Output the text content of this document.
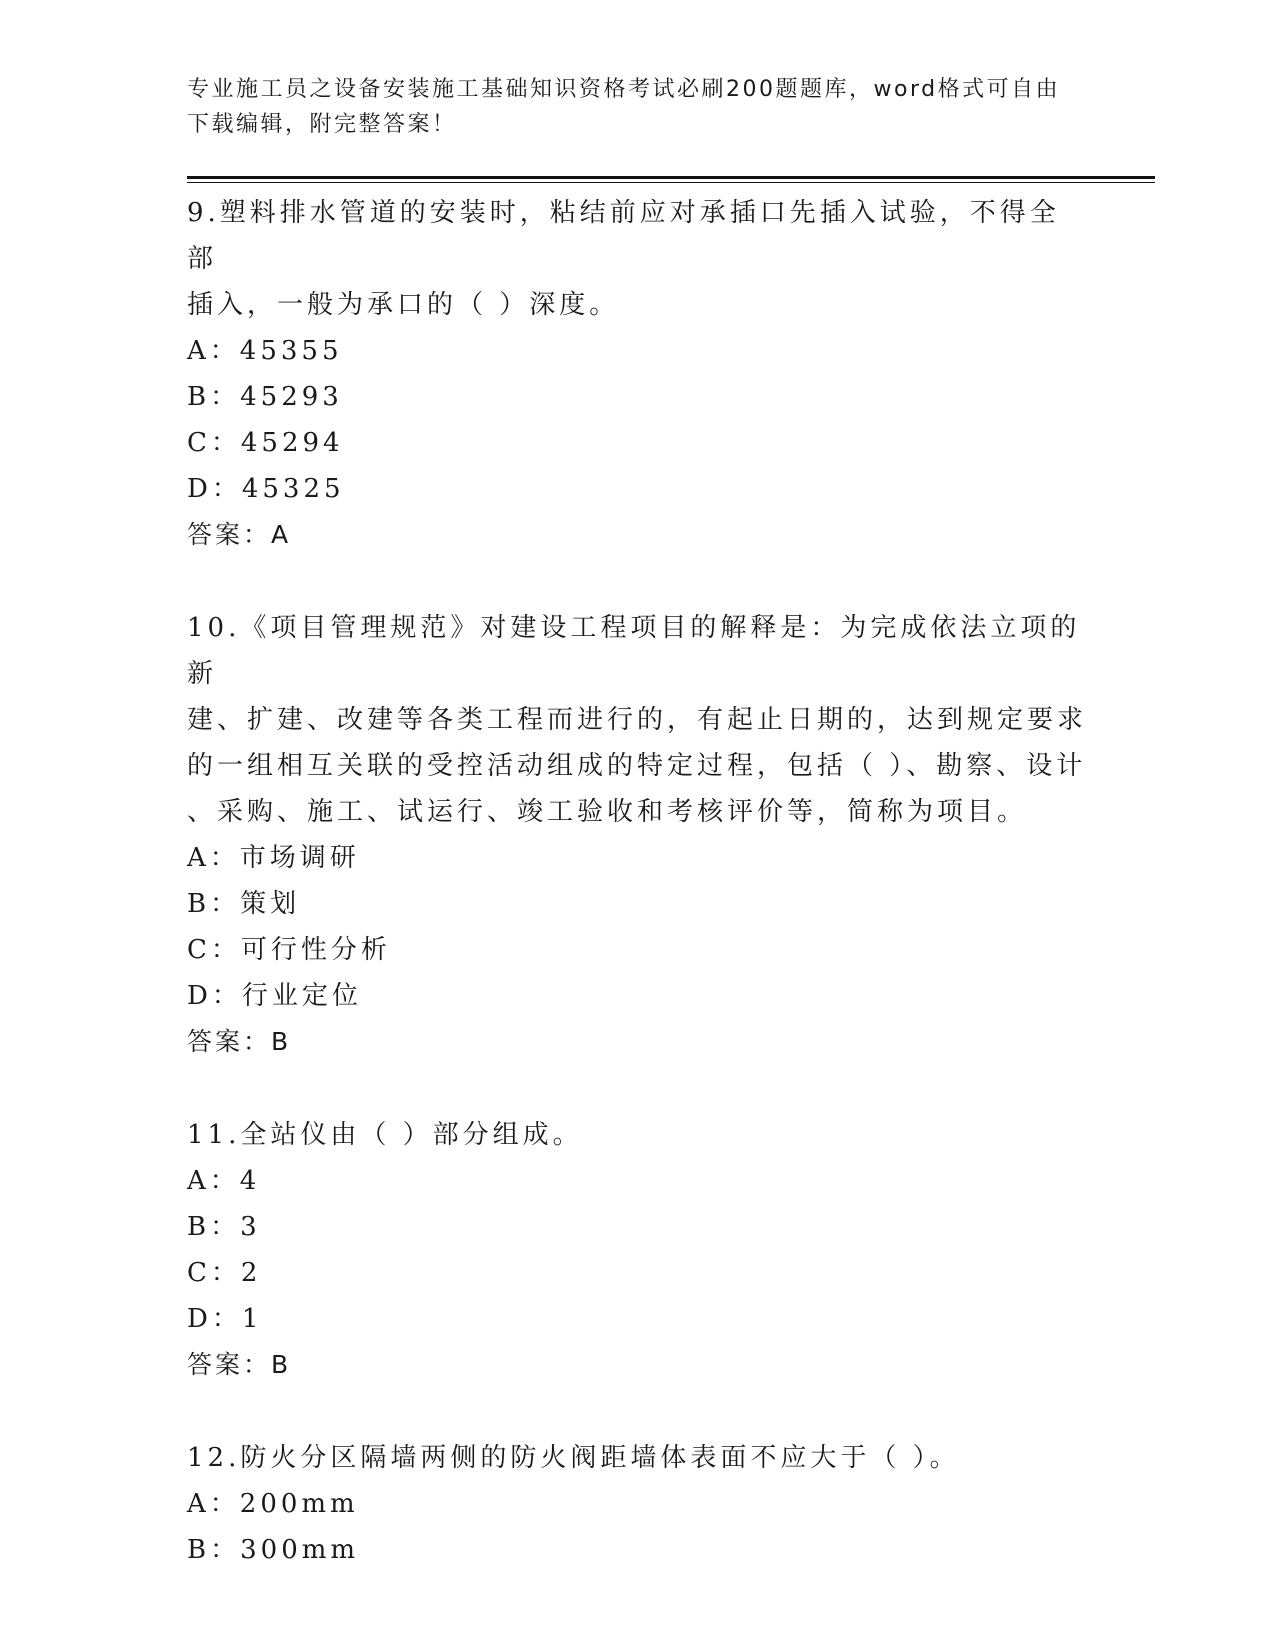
专业施工员之设备安装施工基础知识资格考试必刷200题题库，word格式可自由
下载编辑，附完整答案！
9.塑料排水管道的安装时，粘结前应对承插口先插入试验，不得全部
插入，一般为承口的（ ）深度。
A：45355
B：45293
C：45294
D：45325
答案：A
10.《项目管理规范》对建设工程项目的解释是：为完成依法立项的新
建、扩建、改建等各类工程而进行的，有起止日期的，达到规定要求
的一组相互关联的受控活动组成的特定过程，包括（ ）、勘察、设计
、采购、施工、试运行、竣工验收和考核评价等，简称为项目。
A：市场调研
B：策划
C：可行性分析
D：行业定位
答案：B
11.全站仪由（ ）部分组成。
A：4
B：3
C：2
D：1
答案：B
12.防火分区隔墙两侧的防火阀距墙体表面不应大于（ ）。
A：200mm
B：300mm
